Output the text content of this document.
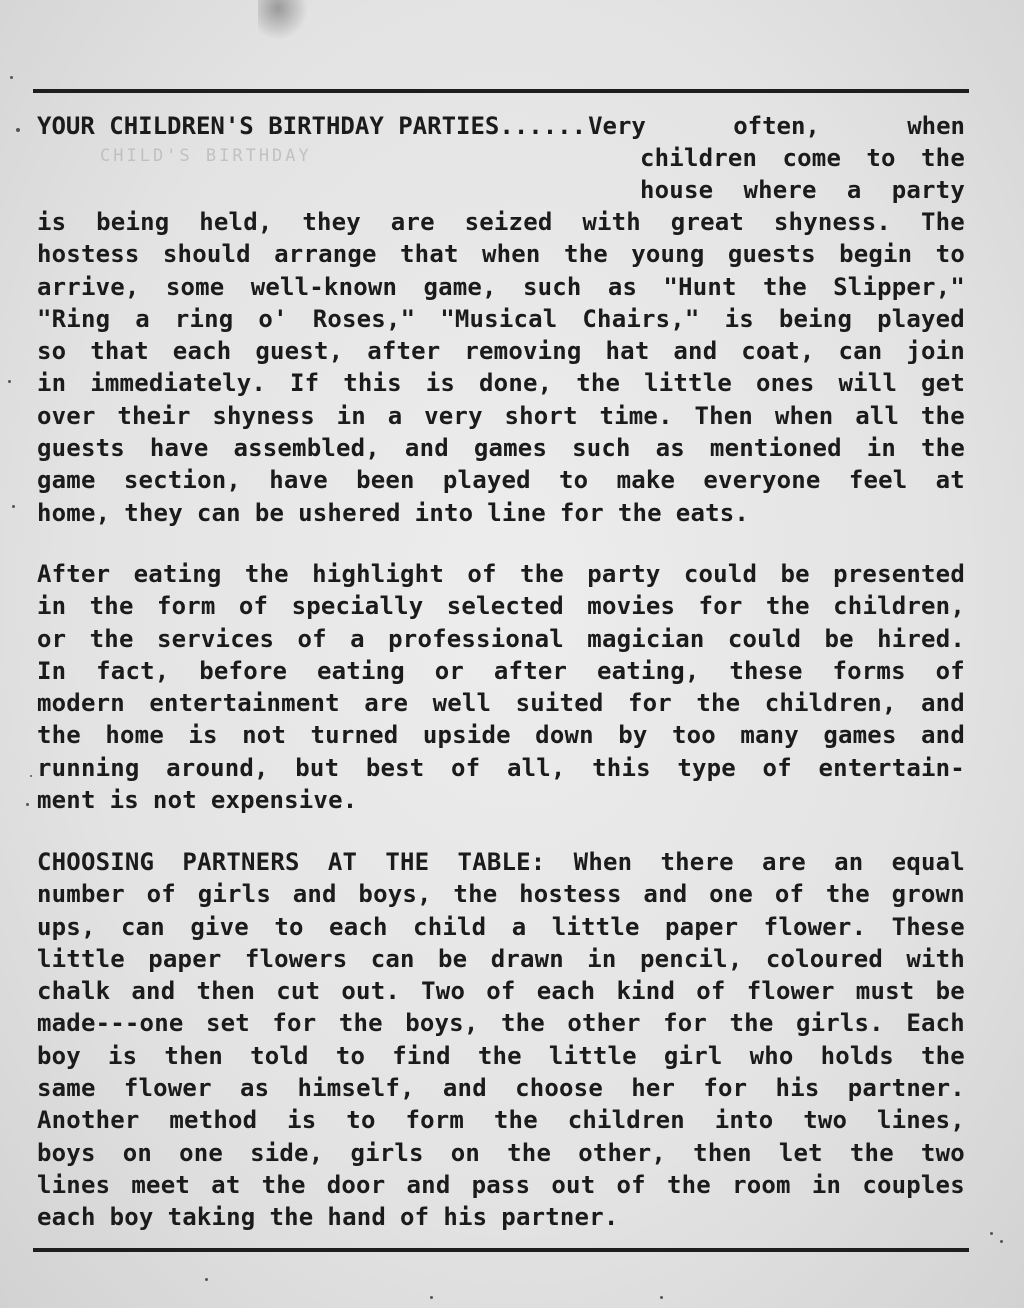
YOUR CHILDREN'S BIRTHDAY PARTIES...... Very	often,	when
CHILD'S BIRTHDAY	children come to the
house where a party
is being held, they are seized with great shyness. The
hostess should arrange that when the young guests begin to
arrive, some well-known game, such as "Hunt the Slipper,"
"Ring a ring o' Roses," "Musical Chairs," is being played
so that each guest, after removing hat and coat, can join
in immediately. If this is done, the little ones will get
over their shyness in a very short time. Then when all the
guests have assembled, and games such as mentioned in the
game section, have been played to make everyone feel at
home, they can be ushered into line for the eats.
After eating the highlight of the party could be presented
in the form of specially selected movies for the children,
or the services of a professional magician could be hired.
In fact, before eating or after eating, these forms of
modern entertainment are well suited for the children, and
the home is not turned upside down by too many games and
running around, but best of all, this type of entertain-
ment is not expensive.
CHOOSING PARTNERS AT THE TABLE: When there are an equal
number of girls and boys, the hostess and one of the grown
ups, can give to each child a little paper flower. These
little paper flowers can be drawn in pencil, coloured with
chalk and then cut out. Two of each kind of flower must be
made---one set for the boys, the other for the girls. Each
boy is then told to find the little girl who holds the
same flower as himself, and choose her for his partner.
Another method is to form the children into two lines,
boys on one side, girls on the other, then let the two
lines meet at the door and pass out of the room in couples
each boy taking the hand of his partner.
